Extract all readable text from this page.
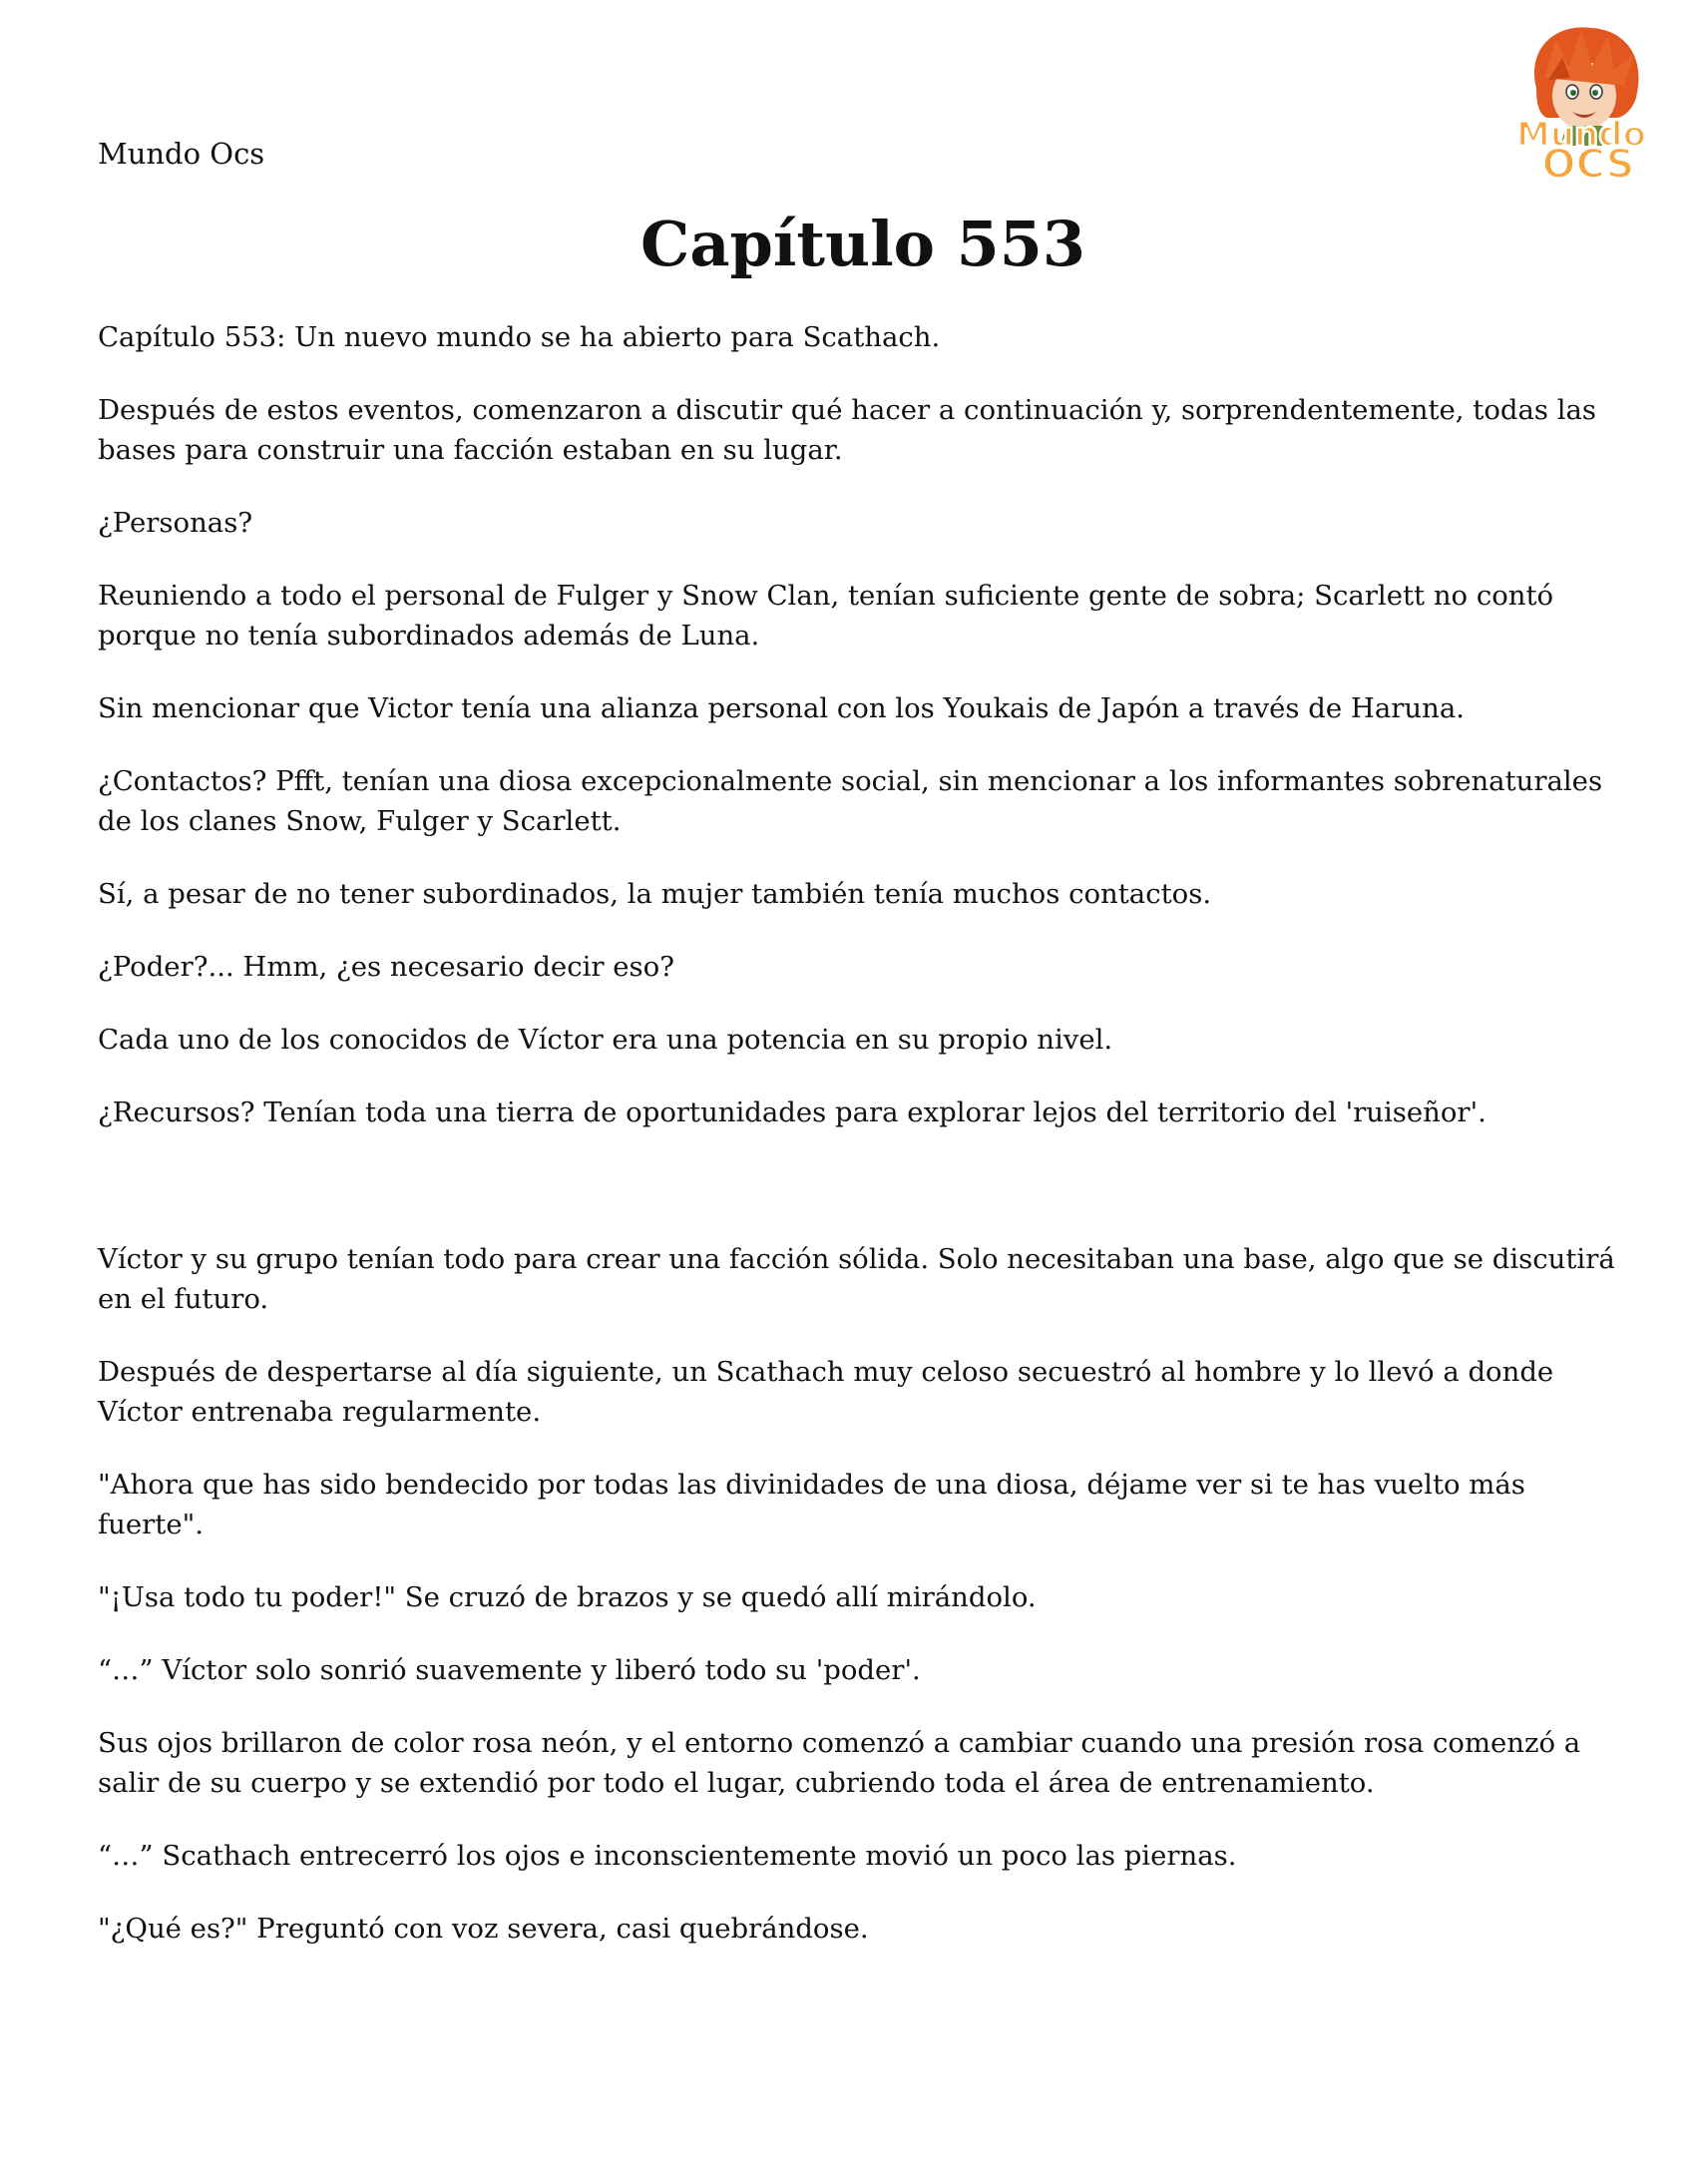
Mundo Ocs	Mundo
OCS
Capítulo 553

Capítulo 553: Un nuevo mundo se ha abierto para Scathach.

Después de estos eventos, comenzaron a discutir qué hacer a continuación y, sorprendentemente, todas las bases para construir una facción estaban en su lugar.

¿Personas?

Reuniendo a todo el personal de Fulger y Snow Clan, tenían suficiente gente de sobra; Scarlett no contó porque no tenía subordinados además de Luna.

Sin mencionar que Victor tenía una alianza personal con los Youkais de Japón a través de Haruna.

¿Contactos? Pfft, tenían una diosa excepcionalmente social, sin mencionar a los informantes sobrenaturales de los clanes Snow, Fulger y Scarlett.

Sí, a pesar de no tener subordinados, la mujer también tenía muchos contactos.

¿Poder?... Hmm, ¿es necesario decir eso?

Cada uno de los conocidos de Víctor era una potencia en su propio nivel.

¿Recursos? Tenían toda una tierra de oportunidades para explorar lejos del territorio del 'ruiseñor'.

Víctor y su grupo tenían todo para crear una facción sólida. Solo necesitaban una base, algo que se discutirá en el futuro.

Después de despertarse al día siguiente, un Scathach muy celoso secuestró al hombre y lo llevó a donde Víctor entrenaba regularmente.

"Ahora que has sido bendecido por todas las divinidades de una diosa, déjame ver si te has vuelto más fuerte".

"¡Usa todo tu poder!" Se cruzó de brazos y se quedó allí mirándolo.

“…” Víctor solo sonrió suavemente y liberó todo su 'poder'.

Sus ojos brillaron de color rosa neón, y el entorno comenzó a cambiar cuando una presión rosa comenzó a salir de su cuerpo y se extendió por todo el lugar, cubriendo toda el área de entrenamiento.

“…” Scathach entrecerró los ojos e inconscientemente movió un poco las piernas.

"¿Qué es?" Preguntó con voz severa, casi quebrándose.
